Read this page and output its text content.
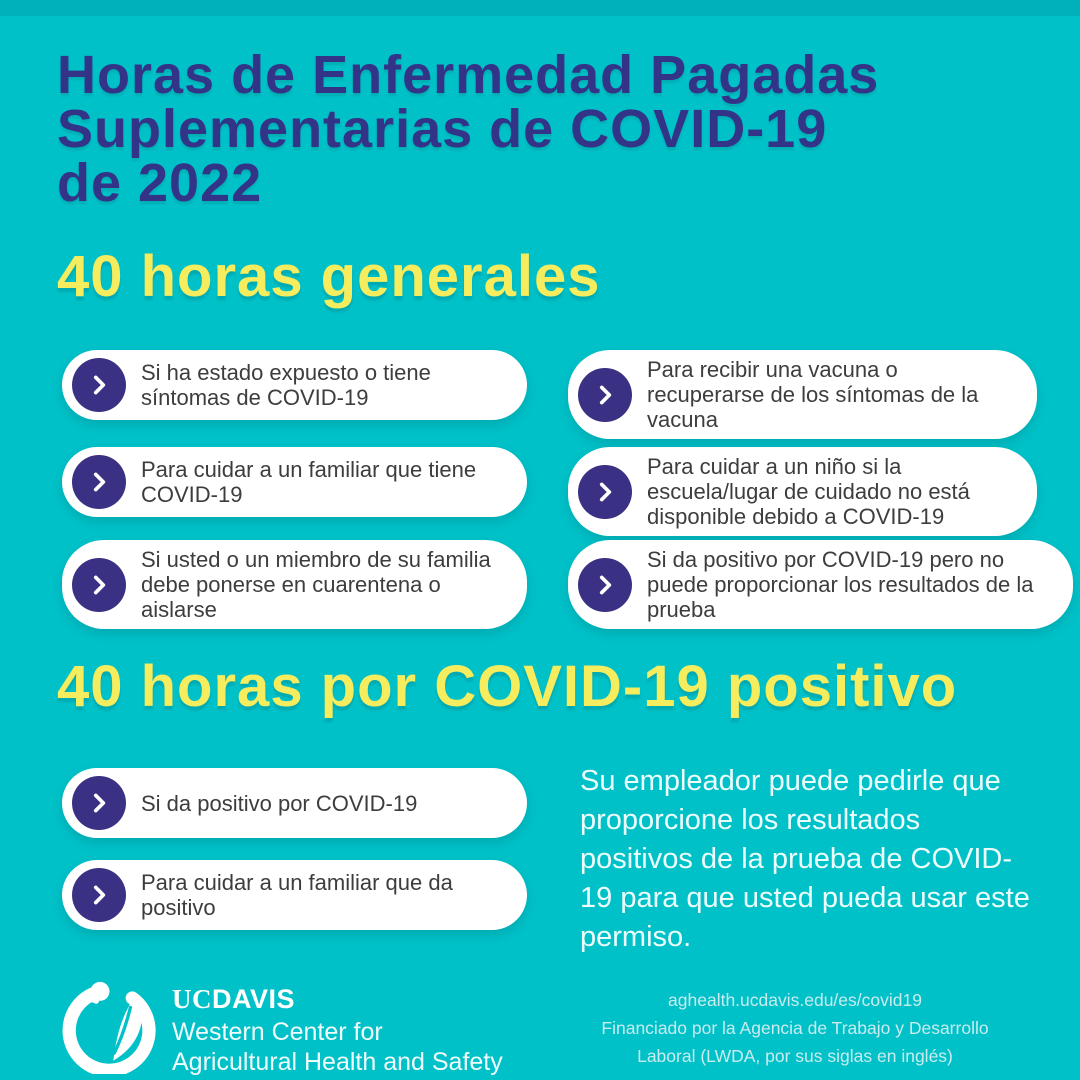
Horas de Enfermedad Pagadas
Suplementarias de COVID-19
de 2022
40 horas generales
Si ha estado expuesto o tiene síntomas de COVID-19
Para cuidar a un familiar que tiene COVID-19
Si usted o un miembro de su familia debe ponerse en cuarentena o aislarse
Para recibir una vacuna o recuperarse de los síntomas de la vacuna
Para cuidar a un niño si la escuela/lugar de cuidado no está disponible debido a COVID-19
Si da positivo por COVID-19 pero no puede proporcionar los resultados de la prueba
40 horas por COVID-19 positivo
Si da positivo por COVID-19
Para cuidar a un familiar que da positivo

Su empleador puede pedirle que proporcione los resultados positivos de la prueba de COVID-19 para que usted pueda usar este permiso.

UCDAVIS
Western Center for
Agricultural Health and Safety
aghealth.ucdavis.edu/es/covid19
Financiado por la Agencia de Trabajo y Desarrollo
Laboral (LWDA, por sus siglas en inglés)
